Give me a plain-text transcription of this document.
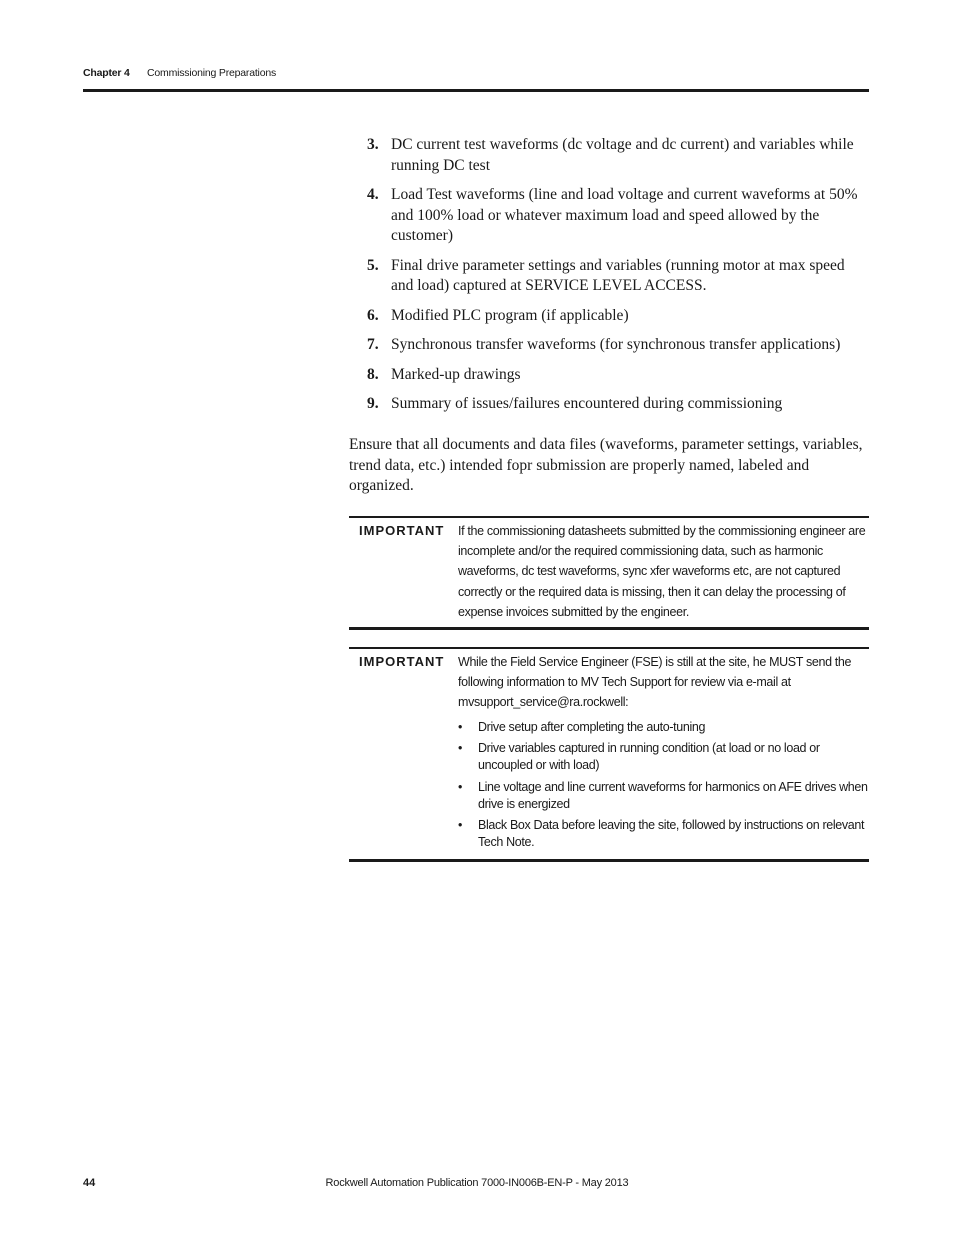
Chapter 4 Commissioning Preparations
3. DC current test waveforms (dc voltage and dc current) and variables while running DC test
4. Load Test waveforms (line and load voltage and current waveforms at 50% and 100% load or whatever maximum load and speed allowed by the customer)
5. Final drive parameter settings and variables (running motor at max speed and load) captured at SERVICE LEVEL ACCESS.
6. Modified PLC program (if applicable)
7. Synchronous transfer waveforms (for synchronous transfer applications)
8. Marked-up drawings
9. Summary of issues/failures encountered during commissioning

Ensure that all documents and data files (waveforms, parameter settings, variables, trend data, etc.) intended fopr submission are properly named, labeled and organized.

IMPORTANT If the commissioning datasheets submitted by the commissioning engineer are incomplete and/or the required commissioning data, such as harmonic waveforms, dc test waveforms, sync xfer waveforms etc, are not captured correctly or the required data is missing, then it can delay the processing of expense invoices submitted by the engineer.

IMPORTANT While the Field Service Engineer (FSE) is still at the site, he MUST send the following information to MV Tech Support for review via e-mail at mvsupport_service@ra.rockwell:

• Drive setup after completing the auto-tuning
• Drive variables captured in running condition (at load or no load or uncoupled or with load)
• Line voltage and line current waveforms for harmonics on AFE drives when drive is energized
• Black Box Data before leaving the site, followed by instructions on relevant Tech Note.
44	Rockwell Automation Publication 7000-IN006B-EN-P - May 2013
